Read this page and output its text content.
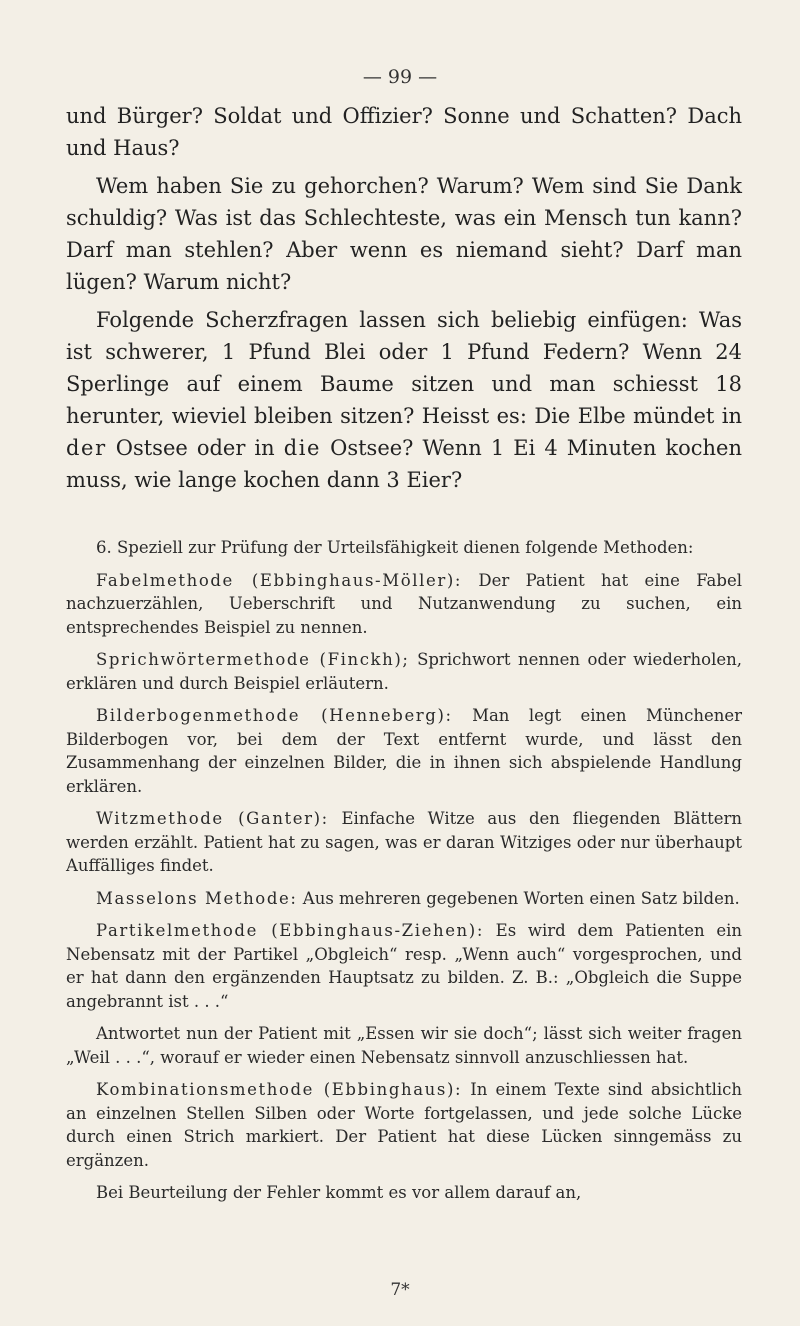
— 99 —

und Bürger? Soldat und Offizier? Sonne und Schatten? Dach und Haus?

Wem haben Sie zu gehorchen? Warum? Wem sind Sie Dank schuldig? Was ist das Schlechteste, was ein Mensch tun kann? Darf man stehlen? Aber wenn es niemand sieht? Darf man lügen? Warum nicht?

Folgende Scherzfragen lassen sich beliebig einfügen: Was ist schwerer, 1 Pfund Blei oder 1 Pfund Federn? Wenn 24 Sperlinge auf einem Baume sitzen und man schiesst 18 herunter, wieviel bleiben sitzen? Heisst es: Die Elbe mündet in der Ostsee oder in die Ostsee? Wenn 1 Ei 4 Minuten kochen muss, wie lange kochen dann 3 Eier?

6. Speziell zur Prüfung der Urteilsfähigkeit dienen folgende Methoden:

Fabelmethode (Ebbinghaus-Möller): Der Patient hat eine Fabel nachzuerzählen, Ueberschrift und Nutzanwendung zu suchen, ein entsprechendes Beispiel zu nennen.

Sprichwörtermethode (Finckh); Sprichwort nennen oder wiederholen, erklären und durch Beispiel erläutern.

Bilderbogenmethode (Henneberg): Man legt einen Münchener Bilderbogen vor, bei dem der Text entfernt wurde, und lässt den Zusammenhang der einzelnen Bilder, die in ihnen sich abspielende Handlung erklären.

Witzmethode (Ganter): Einfache Witze aus den fliegenden Blättern werden erzählt. Patient hat zu sagen, was er daran Witziges oder nur überhaupt Auffälliges findet.

Masselons Methode: Aus mehreren gegebenen Worten einen Satz bilden.

Partikelmethode (Ebbinghaus-Ziehen): Es wird dem Patienten ein Nebensatz mit der Partikel „Obgleich“ resp. „Wenn auch“ vorgesprochen, und er hat dann den ergänzenden Hauptsatz zu bilden. Z. B.: „Obgleich die Suppe angebrannt ist . . .“

Antwortet nun der Patient mit „Essen wir sie doch“; lässt sich weiter fragen „Weil . . .“, worauf er wieder einen Nebensatz sinnvoll anzuschliessen hat.

Kombinationsmethode (Ebbinghaus): In einem Texte sind absichtlich an einzelnen Stellen Silben oder Worte fortgelassen, und jede solche Lücke durch einen Strich markiert. Der Patient hat diese Lücken sinngemäss zu ergänzen.

Bei Beurteilung der Fehler kommt es vor allem darauf an,

7*
